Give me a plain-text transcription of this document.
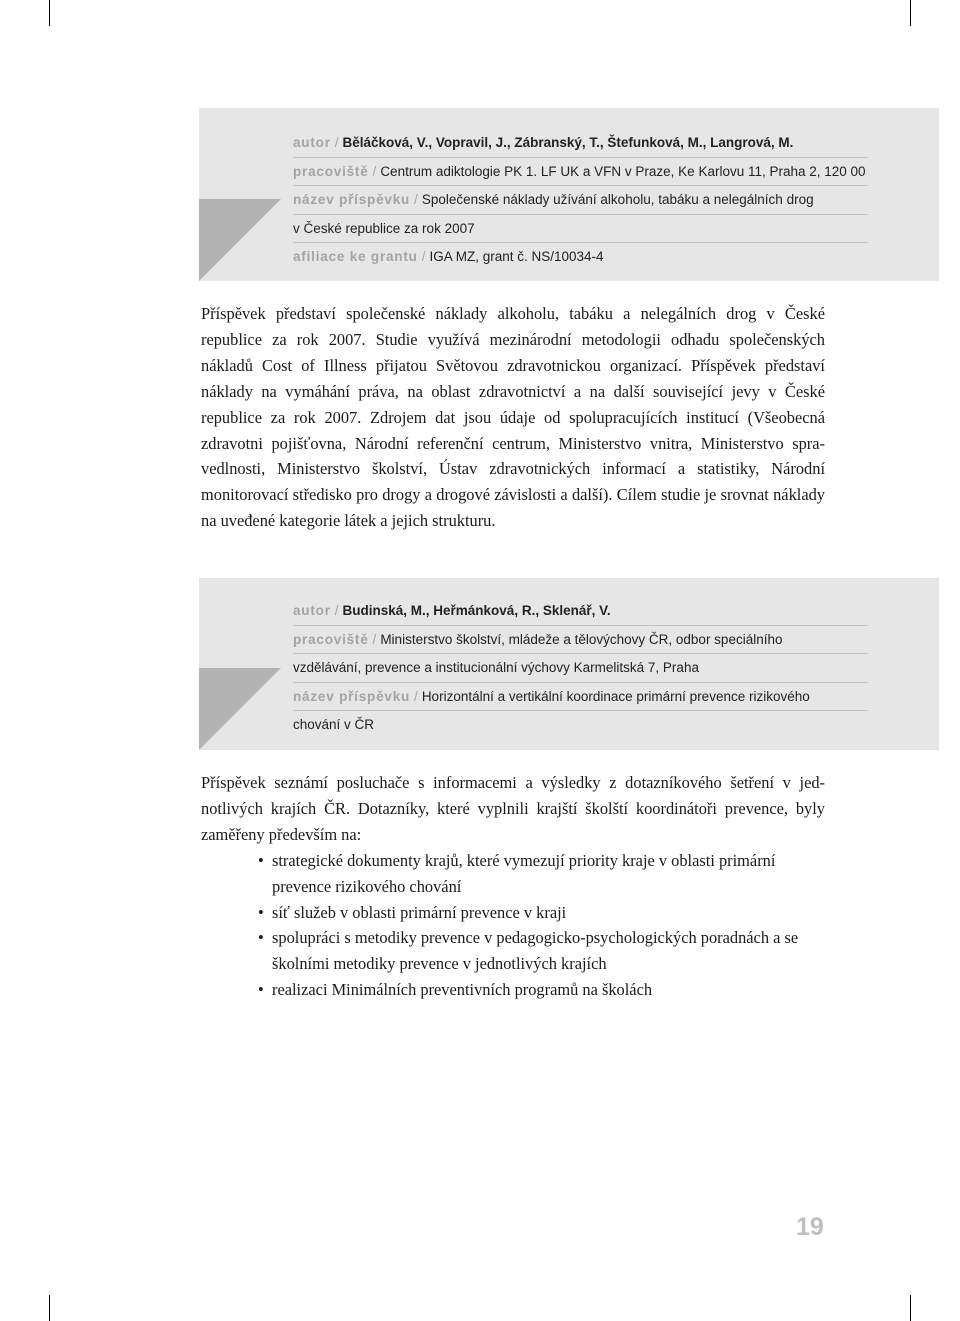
autor / Běláčková, V., Vopravil, J., Zábranský, T., Štefunková, M., Langrová, M.
pracoviště / Centrum adiktologie PK 1. LF UK a VFN v Praze, Ke Karlovu 11, Praha 2, 120 00
název příspěvku / Společenské náklady užívání alkoholu, tabáku a nelegálních drog
v České republice za rok 2007
afiliace ke grantu / IGA MZ, grant č. NS/10034-4
Příspěvek představí společenské náklady alkoholu, tabáku a nelegálních drog v České republice za rok 2007. Studie využívá mezinárodní metodologii odhadu společenských nákladů Cost of Illness přijatou Světovou zdravotnickou organizací. Příspěvek představí náklady na vymáhání práva, na oblast zdravotnictví a na další související jevy v České republice za rok 2007. Zdrojem dat jsou údaje od spolupracujících institucí (Všeobecná zdravotni pojišťovna, Národní referenční centrum, Ministerstvo vnitra, Ministerstvo spra- vedlnosti, Ministerstvo školství, Ústav zdravotnických informací a statistiky, Národní monitorovací středisko pro drogy a drogové závislosti a další). Cílem studie je srovnat náklady na uveđené kategorie látek a jejich strukturu.
autor / Budinská, M., Heřmánková, R., Sklenář, V.
pracoviště / Ministerstvo školství, mládeže a tělovýchovy ČR, odbor speciálního
vzdělávání, prevence a institucionální výchovy Karmelitská 7, Praha
název příspěvku / Horizontální a vertikální koordinace primární prevence rizikového
chování v ČR
Příspěvek seznámí posluchače s informacemi a výsledky z dotazníkového šetření v jed- notlivých krajích ČR. Dotazníky, které vyplnili krajští školští koordinátoři prevence, byly zaměřeny především na:
• strategické dokumenty krajů, které vymezují priority kraje v oblasti primární
prevence rizikového chování
• síť služeb v oblasti primární prevence v kraji
• spolupráci s metodiky prevence v pedagogicko-psychologických poradnách a se
školními metodiky prevence v jednotlivých krajích
• realizaci Minimálních preventivních programů na školách
19
